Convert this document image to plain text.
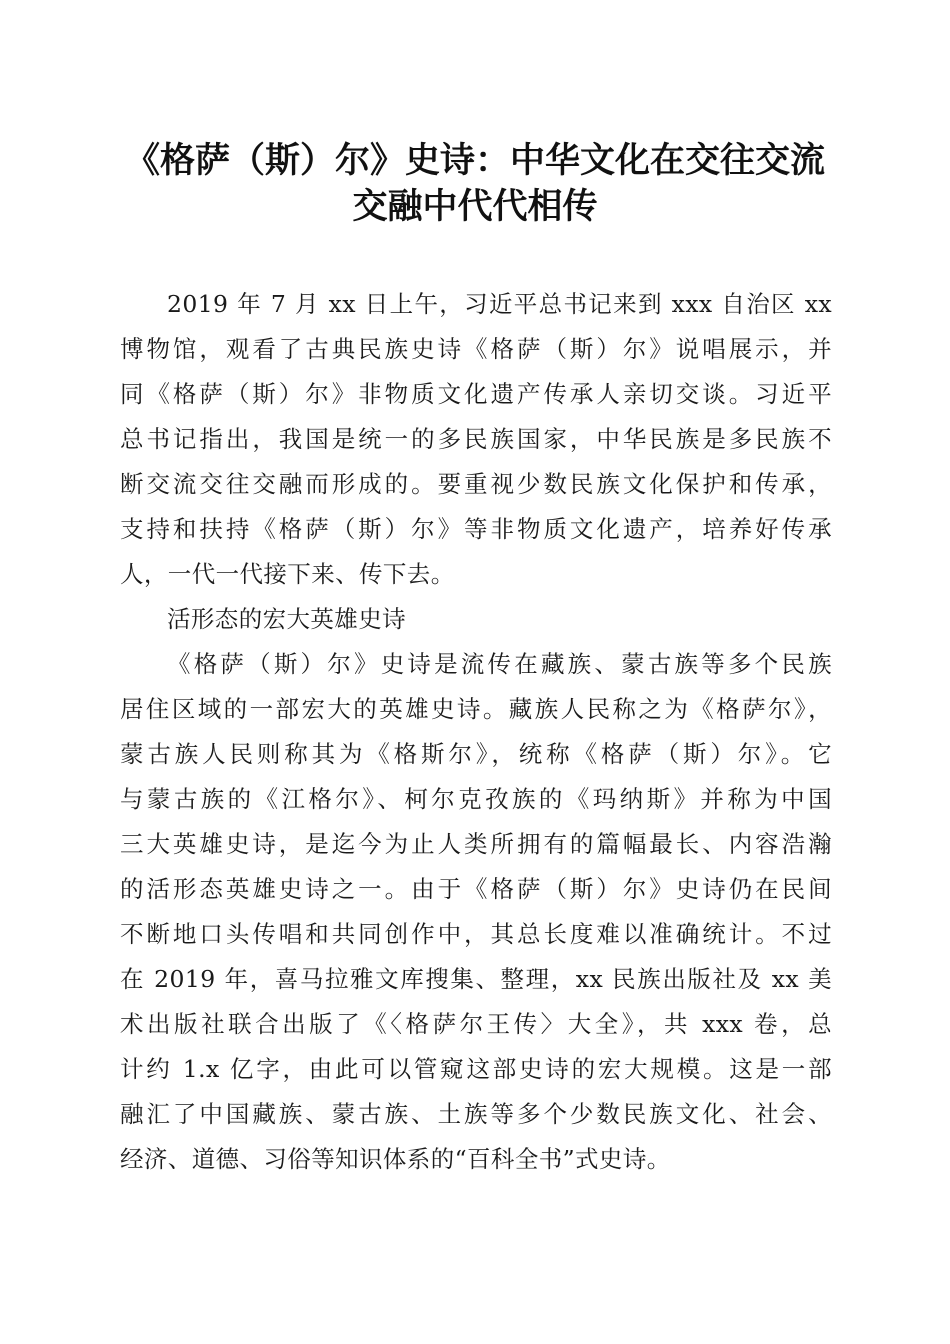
《格萨（斯）尔》史诗：中华文化在交往交流
交融中代代相传
2019 年 7 月 xx 日上午，习近平总书记来到 xxx 自治区 xx
博物馆，观看了古典民族史诗《格萨（斯）尔》说唱展示，并
同《格萨（斯）尔》非物质文化遗产传承人亲切交谈。习近平
总书记指出，我国是统一的多民族国家，中华民族是多民族不
断交流交往交融而形成的。要重视少数民族文化保护和传承，
支持和扶持《格萨（斯）尔》等非物质文化遗产，培养好传承
人，一代一代接下来、传下去。
活形态的宏大英雄史诗
《格萨（斯）尔》史诗是流传在藏族、蒙古族等多个民族
居住区域的一部宏大的英雄史诗。藏族人民称之为《格萨尔》，
蒙古族人民则称其为《格斯尔》，统称《格萨（斯）尔》。它
与蒙古族的《江格尔》、柯尔克孜族的《玛纳斯》并称为中国
三大英雄史诗，是迄今为止人类所拥有的篇幅最长、内容浩瀚
的活形态英雄史诗之一。由于《格萨（斯）尔》史诗仍在民间
不断地口头传唱和共同创作中，其总长度难以准确统计。不过
在 2019 年，喜马拉雅文库搜集、整理，xx 民族出版社及 xx 美
术出版社联合出版了《〈格萨尔王传〉大全》，共 xxx 卷，总
计约 1.x 亿字，由此可以管窥这部史诗的宏大规模。这是一部
融汇了中国藏族、蒙古族、土族等多个少数民族文化、社会、
经济、道德、习俗等知识体系的“百科全书”式史诗。
